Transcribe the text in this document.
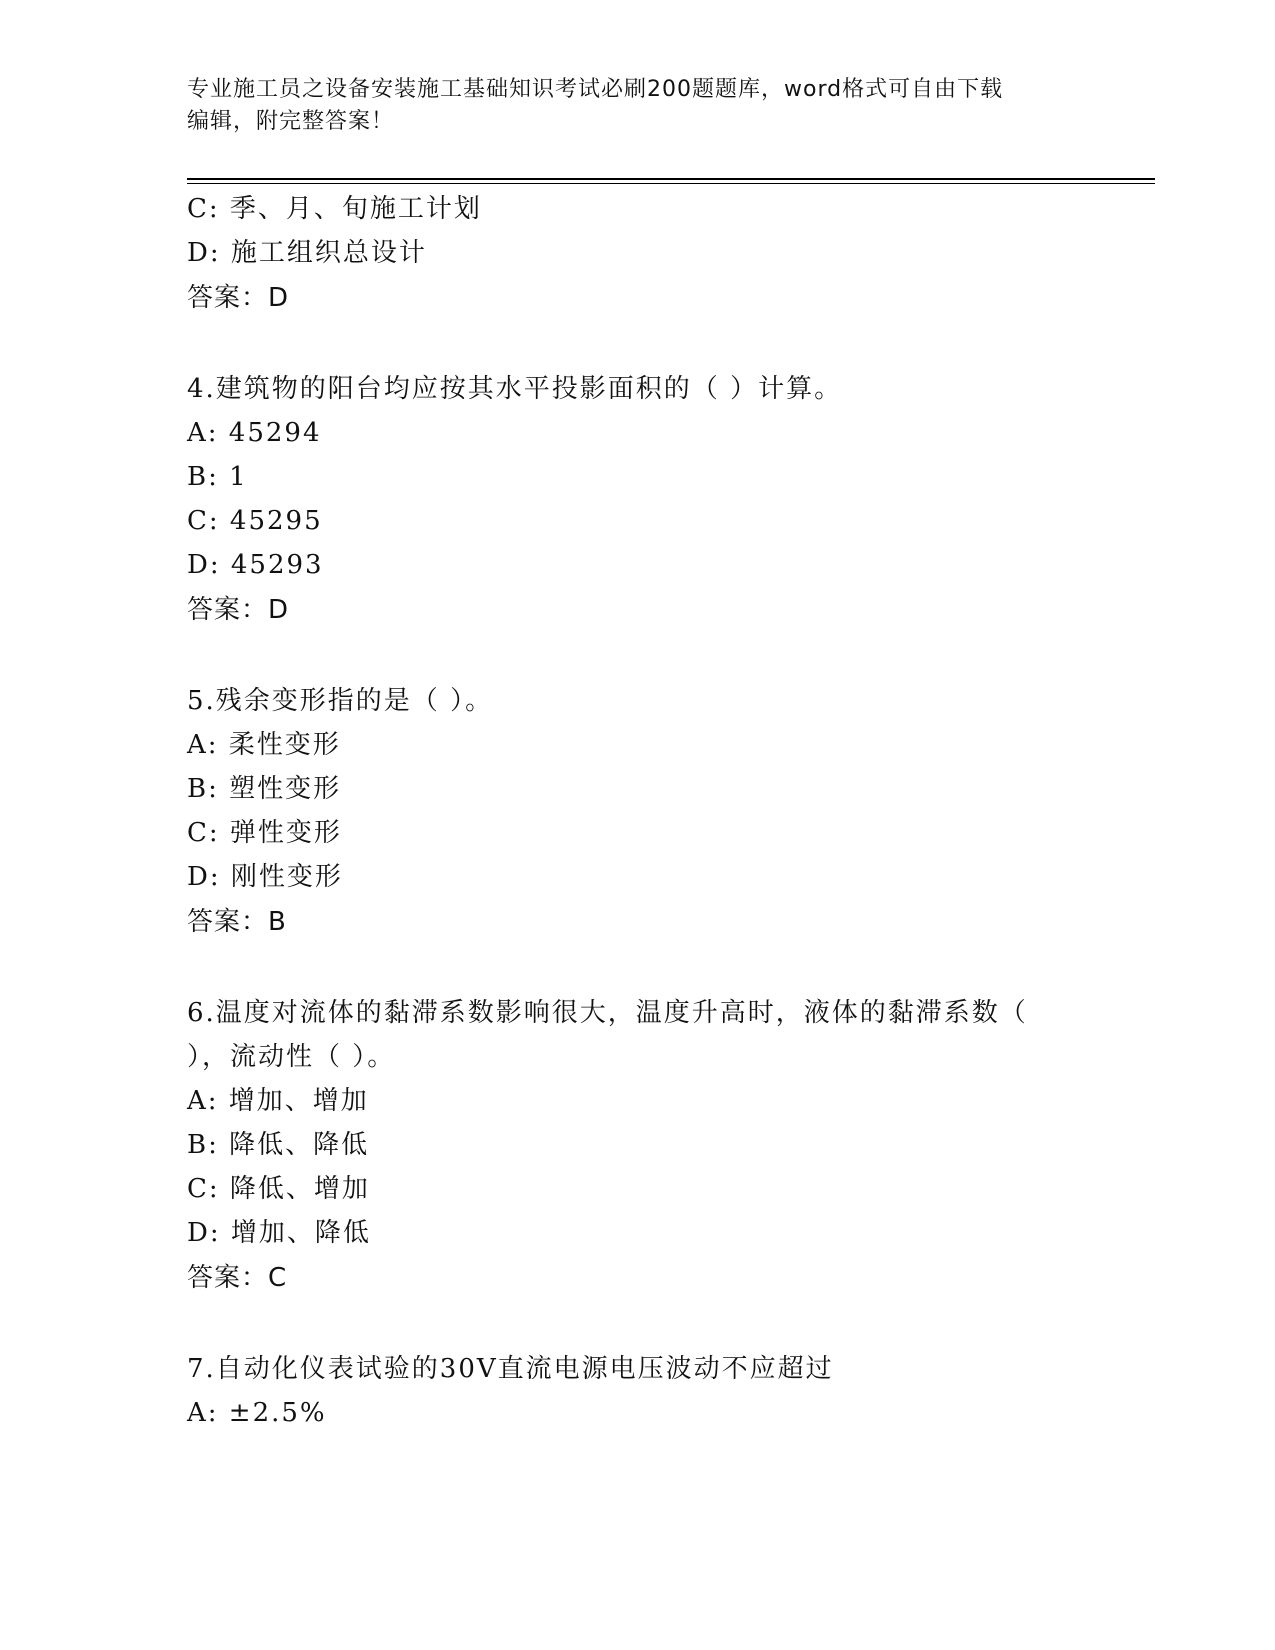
专业施工员之设备安装施工基础知识考试必刷200题题库，word格式可自由下载
编辑，附完整答案！
C: 季、月、旬施工计划
D: 施工组织总设计
答案：D
4.建筑物的阳台均应按其水平投影面积的（ ）计算。
A: 45294
B: 1
C: 45295
D: 45293
答案：D
5.残余变形指的是（ ）。
A: 柔性变形
B: 塑性变形
C: 弹性变形
D: 刚性变形
答案：B
6.温度对流体的黏滞系数影响很大，温度升高时，液体的黏滞系数（
），流动性（ ）。
A: 增加、增加
B: 降低、降低
C: 降低、增加
D: 增加、降低
答案：C
7.自动化仪表试验的30V直流电源电压波动不应超过
A: ±2.5%
